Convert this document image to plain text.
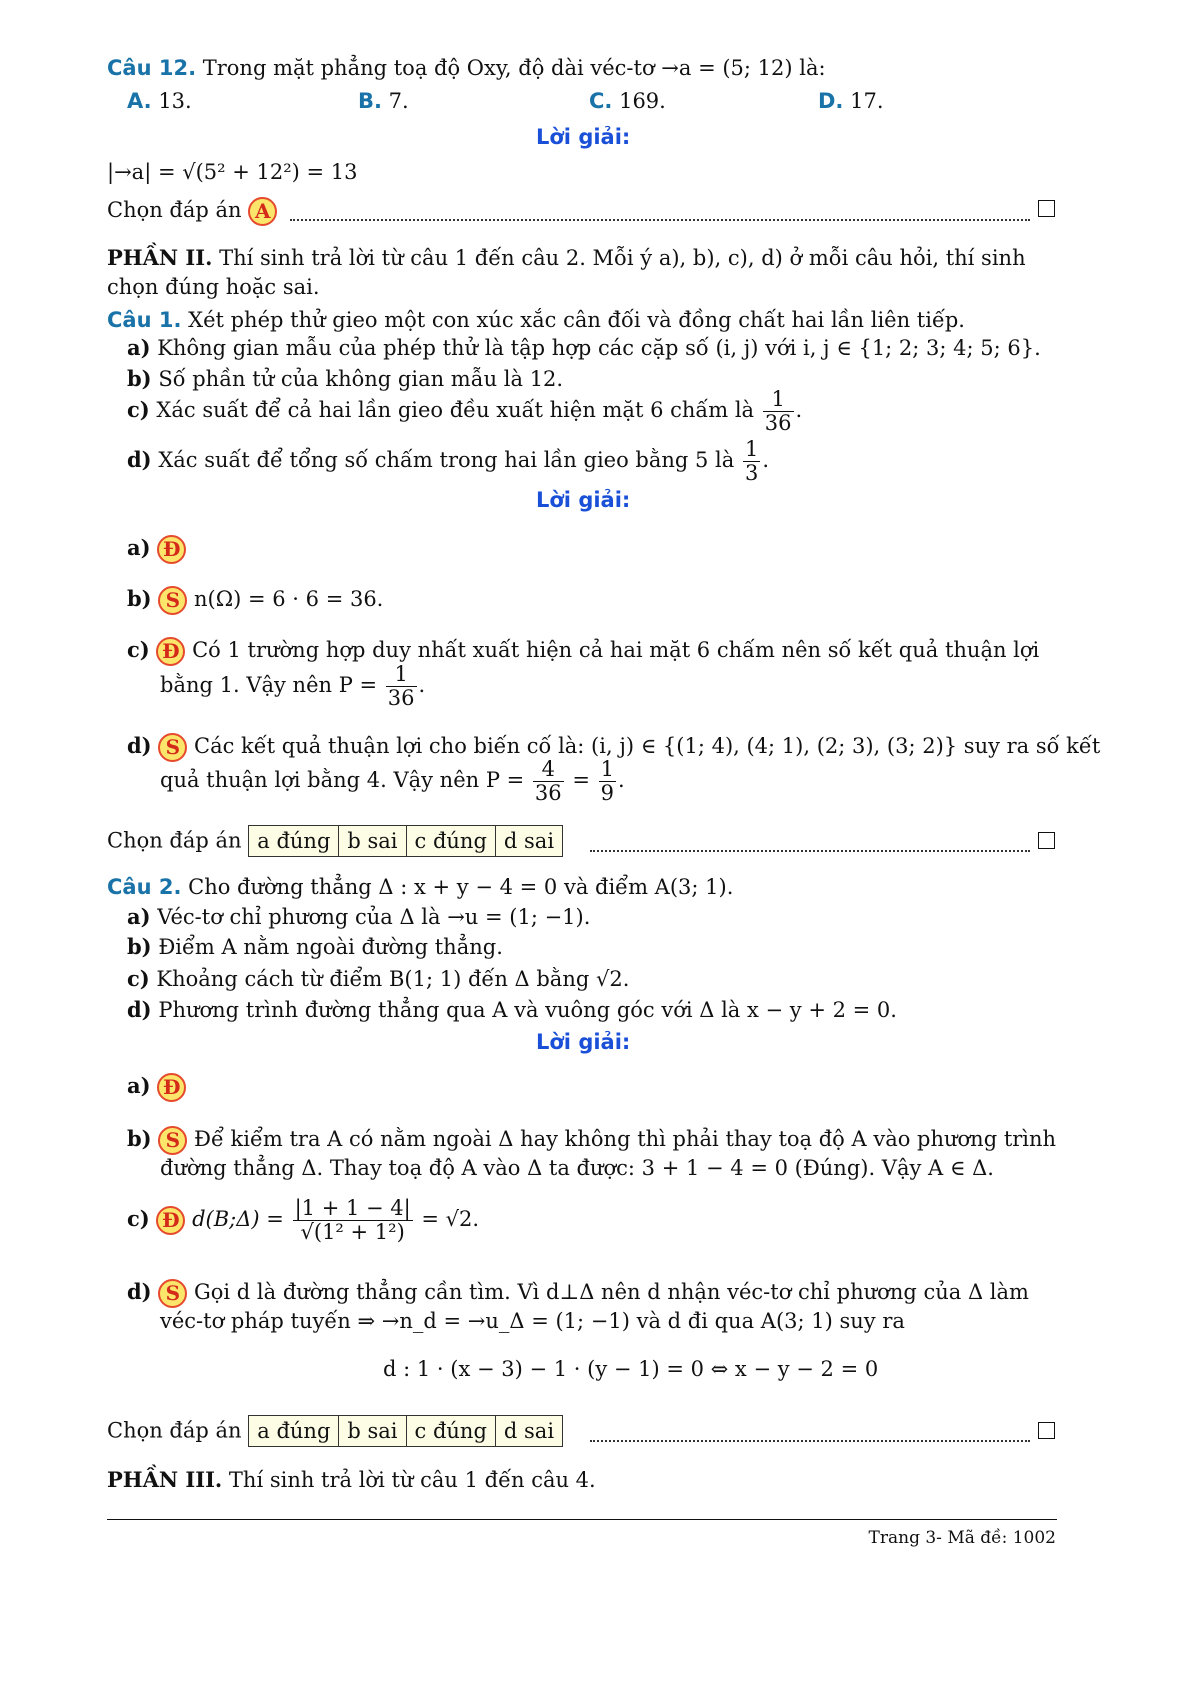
Câu 12. Trong mặt phẳng toạ độ Oxy, độ dài véc-tơ →a = (5; 12) là:
A. 13.	B. 7.	C. 169.	D. 17.
Lời giải:
|→a| = √(5² + 12²) = 13
Chọn đáp án A
PHẦN II. Thí sinh trả lời từ câu 1 đến câu 2. Mỗi ý a), b), c), d) ở mỗi câu hỏi, thí sinh
chọn đúng hoặc sai.
Câu 1. Xét phép thử gieo một con xúc xắc cân đối và đồng chất hai lần liên tiếp.
a) Không gian mẫu của phép thử là tập hợp các cặp số (i, j) với i, j ∈ {1; 2; 3; 4; 5; 6}.
b) Số phần tử của không gian mẫu là 12.
c) Xác suất để cả hai lần gieo đều xuất hiện mặt 6 chấm là $\frac{1}{36}$ .
d) Xác suất để tổng số chấm trong hai lần gieo bằng 5 là $\frac{1}{3}$ .
Lời giải:
a) Đ
b) S n(Ω) = 6 · 6 = 36.
c) Đ Có 1 trường hợp duy nhất xuất hiện cả hai mặt 6 chấm nên số kết quả thuận lợi
bằng 1. Vậy nên $P = \frac{1}{36}$ .
d) S Các kết quả thuận lợi cho biến cố là: (i, j) ∈ {(1; 4), (4; 1), (2; 3), (3; 2)} suy ra số kết
quả thuận lợi bằng 4. Vậy nên $P = \frac{4}{36} = \frac{1}{9}$ .
Chọn đáp án a đúng b sai c đúng d sai
Câu 2. Cho đường thẳng Δ : x + y − 4 = 0 và điểm A(3; 1).
a) Véc-tơ chỉ phương của Δ là →u = (1; −1).
b) Điểm A nằm ngoài đường thẳng.
c) Khoảng cách từ điểm B(1; 1) đến Δ bằng √2.
d) Phương trình đường thẳng qua A và vuông góc với Δ là x − y + 2 = 0.
Lời giải:
a) Đ
b) S Để kiểm tra A có nằm ngoài Δ hay không thì phải thay toạ độ A vào phương trình
đường thẳng Δ. Thay toạ độ A vào Δ ta được: 3 + 1 − 4 = 0 (Đúng). Vậy A ∈ Δ.
c) Đ d(B;Δ) = $\frac{|1 + 1 - 4|}{\text{√(1² + 1²)}} = √2$.
d) S Gọi d là đường thẳng cần tìm. Vì d⊥Δ nên d nhận véc-tơ chỉ phương của Δ làm
véc-tơ pháp tuyến ⇒ →n_d = →u_Δ = (1; −1) và d đi qua A(3; 1) suy ra
d : 1 · (x − 3) − 1 · (y − 1) = 0 ⇔ x − y − 2 = 0
Chọn đáp án a đúng b sai c đúng d sai
PHẦN III. Thí sinh trả lời từ câu 1 đến câu 4.
Trang 3- Mã đề: 1002
